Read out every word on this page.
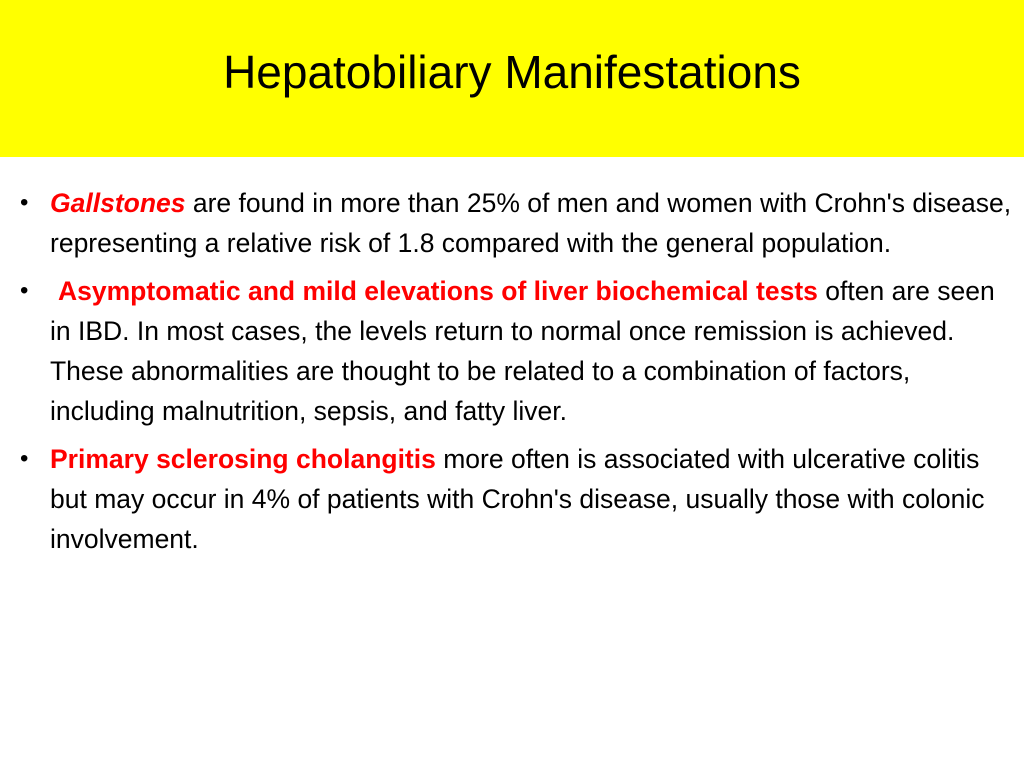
Hepatobiliary Manifestations
• Gallstones are found in more than 25% of men and women with Crohn's disease, representing a relative risk of 1.8 compared with the general population.
•	Asymptomatic and mild elevations of liver biochemical tests often are seen in IBD. In most cases, the levels return to normal once remission is achieved. These abnormalities are thought to be related to a combination of factors, including malnutrition, sepsis, and fatty liver.
• Primary sclerosing cholangitis more often is associated with ulcerative colitis but may occur in 4% of patients with Crohn's disease, usually those with colonic involvement.
